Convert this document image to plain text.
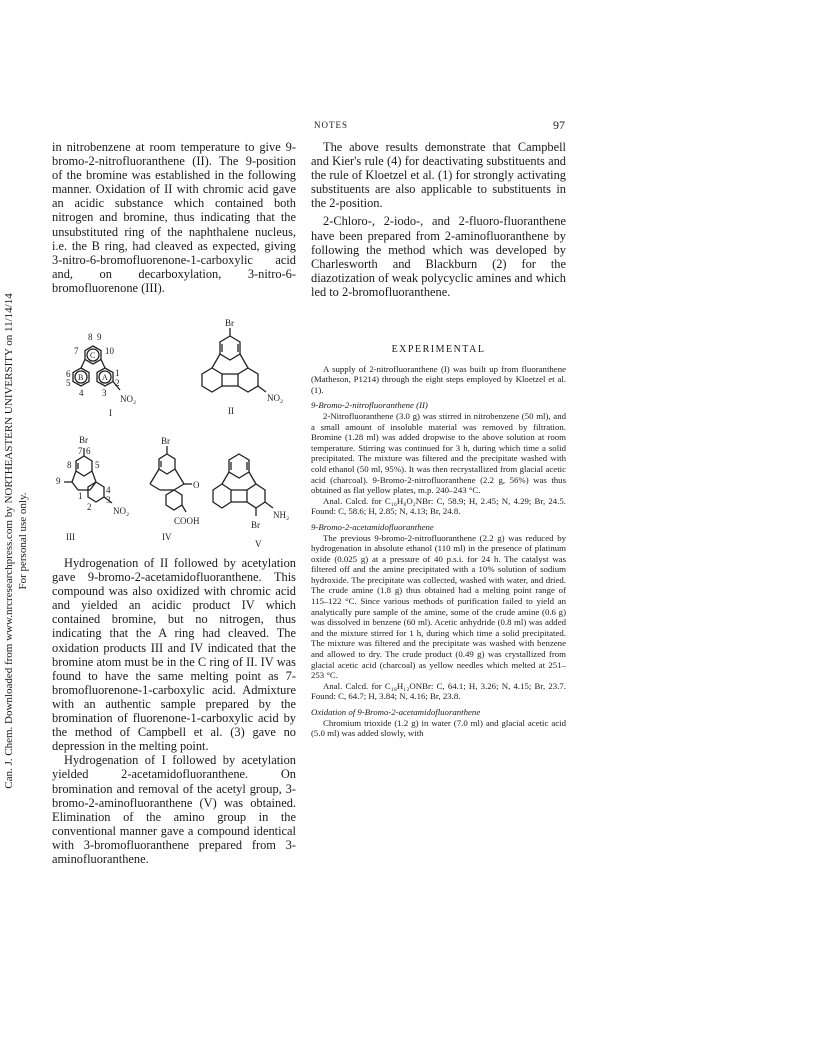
Can. J. Chem. Downloaded from www.nrcresearchpress.com by NORTHEASTERN UNIVERSITY on 11/14/14 For personal use only.
NOTES	97

in nitrobenzene at room temperature to give 9-bromo-2-nitrofluoranthene (II). The 9-position of the bromine was established in the following manner. Oxidation of II with chromic acid gave an acidic substance which contained both nitrogen and bromine, thus indicating that the unsubstituted ring of the naphthalene nucleus, i.e. the B ring, had cleaved as expected, giving 3-nitro-6-bromofluorenone-1-carboxylic acid and, on decarboxylation, 3-nitro-6-bromofluorenone (III).

8 9
7	10
C
B A
6	1
5	2
4 3
NO₂
I
Br
NO₂
II
Br
7 6
8	5
9
4
1	3
2 NO₂
III
Br
COOH
IV
O
NH₂
Br
V

Hydrogenation of II followed by acetylation gave 9-bromo-2-acetamidofluoranthene. This compound was also oxidized with chromic acid and yielded an acidic product IV which contained bromine, but no nitrogen, thus indicating that the A ring had cleaved. The oxidation products III and IV indicated that the bromine atom must be in the C ring of II. IV was found to have the same melting point as 7-bromofluorenone-1-carboxylic acid. Admixture with an authentic sample prepared by the bromination of fluorenone-1-carboxylic acid by the method of Campbell et al. (3) gave no depression in the melting point.

Hydrogenation of I followed by acetylation yielded 2-acetamidofluoranthene. On bromination and removal of the acetyl group, 3-bromo-2-aminofluoranthene (V) was obtained. Elimination of the amino group in the conventional manner gave a compound identical with 3-bromofluoranthene prepared from 3-aminofluoranthene.

The above results demonstrate that Campbell and Kier's rule (4) for deactivating substituents and the rule of Kloetzel et al. (1) for strongly activating substituents are also applicable to substituents in the 2-position.

2-Chloro-, 2-iodo-, and 2-fluoro-fluoranthene have been prepared from 2-aminofluoranthene by following the method which was developed by Charlesworth and Blackburn (2) for the diazotization of weak polycyclic amines and which led to 2-bromofluoranthene.

EXPERIMENTAL

A supply of 2-nitrofluoranthene (I) was built up from fluoranthene (Matheson, P1214) through the eight steps employed by Kloetzel et al. (1).

9-Bromo-2-nitrofluoranthene (II)

2-Nitrofluoranthene (3.0 g) was stirred in nitrobenzene (50 ml), and a small amount of insoluble material was removed by filtration. Bromine (1.28 ml) was added dropwise to the above solution at room temperature. Stirring was continued for 3 h, during which time a solid precipitated. The mixture was filtered and the precipitate washed with cold ethanol (50 ml, 95%). It was then recrystallized from glacial acetic acid (charcoal). 9-Bromo-2-nitrofluoranthene (2.2 g, 56%) was thus obtained as flat yellow plates, m.p. 240–243 °C.

Anal. Calcd. for C₁₆H₈O₂NBr: C, 58.9; H, 2.45; N, 4.29; Br, 24.5. Found: C, 58.6; H, 2.85; N, 4.13; Br, 24.8.

9-Bromo-2-acetamidofluoranthene

The previous 9-bromo-2-nitrofluoranthene (2.2 g) was reduced by hydrogenation in absolute ethanol (110 ml) in the presence of platinum oxide (0.025 g) at a pressure of 40 p.s.i. for 24 h. The catalyst was filtered off and the amine precipitated with a 10% solution of sodium hydroxide. The precipitate was collected, washed with water, and dried. The crude amine (1.8 g) thus obtained had a melting point range of 115–122 °C. Since various methods of purification failed to yield an analytically pure sample of the amine, some of the crude amine (0.6 g) was dissolved in benzene (60 ml). Acetic anhydride (0.8 ml) was added and the mixture stirred for 1 h, during which time a solid precipitated. The mixture was filtered and the precipitate was washed with benzene and allowed to dry. The crude product (0.49 g) was crystallized from glacial acetic acid (charcoal) as yellow needles which melted at 251–253 °C.

Anal. Calcd. for C₁₈H₁₂ONBr: C, 64.1; H, 3.26; N, 4.15; Br, 23.7. Found: C, 64.7; H, 3.84; N, 4.16; Br, 23.8.

Oxidation of 9-Bromo-2-acetamidofluoranthene

Chromium trioxide (1.2 g) in water (7.0 ml) and glacial acetic acid (5.0 ml) was added slowly, with
